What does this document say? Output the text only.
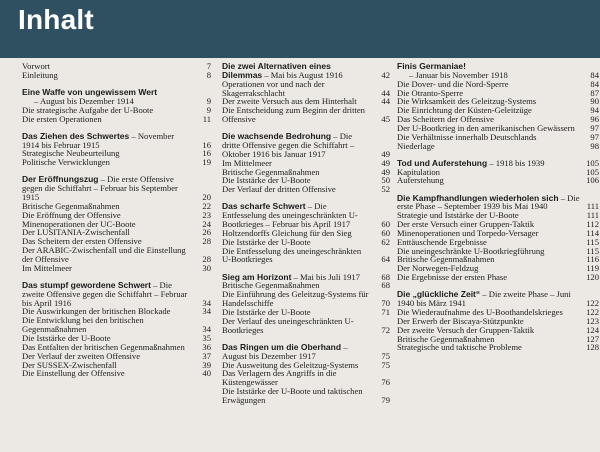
Inhalt
Vorwort	7
Einleitung	8
Eine Waffe von ungewissem Wert
– August bis Dezember 1914	9
Die strategische Aufgabe der U-Boote	9
Die ersten Operationen	11
Das Ziehen des Schwertes – November 1914 bis Februar 1915	16
Strategische Neubeurteilung	16
Politische Verwicklungen	19
Der Eröffnungszug – Die erste Offensive gegen die Schiffahrt – Februar bis September 1915	20
Britische Gegenmaßnahmen	22
Die Eröffnung der Offensive	23
Minenoperationen der UC-Boote	24
Der LUSITANIA-Zwischenfall	26
Das Scheitern der ersten Offensive	28
Der ARABIC-Zwischenfall und die Einstellung der Offensive	28
Im Mittelmeer	30
Das stumpf gewordene Schwert – Die zweite Offensive gegen die Schiffahrt – Februar bis April 1916	34
Die Auswirkungen der britischen Blockade	34
Die Entwicklung bei den britischen Gegenmaßnahmen	34
Die Iststärke der U-Boote	35
Das Entfalten der britischen Gegenmaßnahmen	36
Der Verlauf der zweiten Offensive	37
Der SUSSEX-Zwischenfall	39
Die Einstellung der Offensive	40
Die zwei Alternativen eines Dilemmas – Mai bis August 1916	42
Operationen vor und nach der Skagerrakschlacht	44
Der zweite Versuch aus dem Hinterhalt	44
Die Entscheidung zum Beginn der dritten Offensive	45
Die wachsende Bedrohung – Die dritte Offensive gegen die Schiffahrt – Oktober 1916 bis Januar 1917	49
Im Mittelmeer	49
Britische Gegenmaßnahmen	49
Die Iststärke der U-Boote	50
Der Verlauf der dritten Offensive	52
Das scharfe Schwert – Die Entfesselung des uneingeschränkten U-Bootkrieges – Februar bis April 1917	60
Holtzendorffs Gleichung für den Sieg	60
Die Iststärke der U-Boote	62
Die Entfesselung des uneingeschränkten U-Bootkrieges	64
Sieg am Horizont – Mai bis Juli 1917	68
Britische Gegenmaßnahmen	68
Die Einführung des Geleitzug-Systems für Handelsschiffe	70
Die Iststärke der U-Boote	71
Der Verlauf des uneingeschränkten U-Bootkrieges	72
Das Ringen um die Oberhand – August bis Dezember 1917	75
Die Ausweitung des Geleitzug-Systems	75
Das Verlagern des Angriffs in die Küstengewässer	76
Die Iststärke der U-Boote und taktischen Erwägungen	79
Finis Germaniae!
– Januar bis November 1918	84
Die Dover- und die Nord-Sperre	84
Die Otranto-Sperre	87
Die Wirksamkeit des Geleitzug-Systems	90
Die Einrichtung der Küsten-Geleitzüge	94
Das Scheitern der Offensive	96
Der U-Bootkrieg in den amerikanischen Gewässern	97
Die Verhältnisse innerhalb Deutschlands	97
Niederlage	98
Tod und Auferstehung – 1918 bis 1939	105
Kapitulation	105
Auferstehung	106
Die Kampfhandlungen wiederholen sich – Die erste Phase – September 1939 bis Mai 1940	111
Strategie und Iststärke der U-Boote	111
Der erste Versuch einer Gruppen-Taktik	112
Minenoperationen und Torpedo-Versager	114
Enttäuschende Ergebnisse	115
Die uneingeschränkte U-Bootkriegführung	115
Britische Gegenmaßnahmen	116
Der Norwegen-Feldzug	119
Die Ergebnisse der ersten Phase	120
Die „glückliche Zeit“ – Die zweite Phase – Juni 1940 bis März 1941	122
Die Wiederaufnahme des U-Boothandelskrieges	122
Der Erwerb der Biscaya-Stützpunkte	123
Der zweite Versuch der Gruppen-Taktik	124
Britische Gegenmaßnahmen	127
Strategische und taktische Probleme	128
